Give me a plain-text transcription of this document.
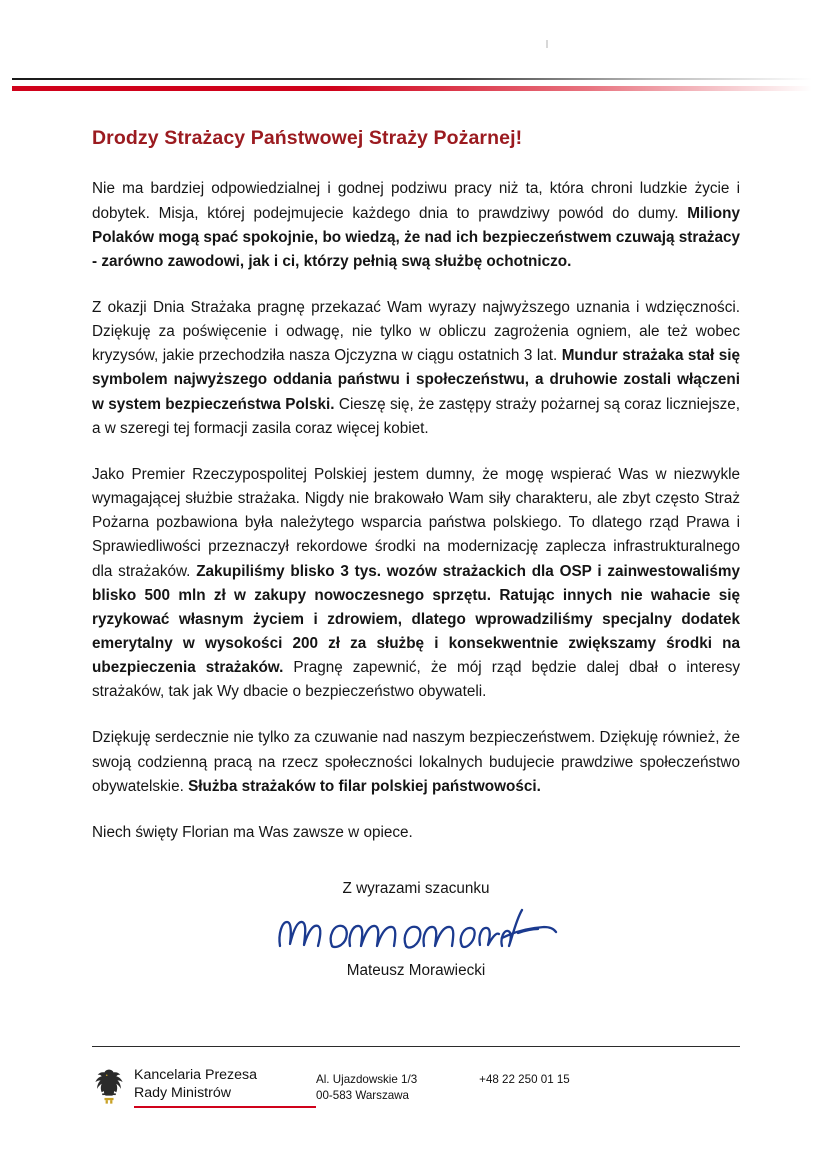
Drodzy Strażacy Państwowej Straży Pożarnej!

Nie ma bardziej odpowiedzialnej i godnej podziwu pracy niż ta, która chroni ludzkie życie i dobytek. Misja, której podejmujecie każdego dnia to prawdziwy powód do dumy. Miliony Polaków mogą spać spokojnie, bo wiedzą, że nad ich bezpieczeństwem czuwają strażacy - zarówno zawodowi, jak i ci, którzy pełnią swą służbę ochotniczo.

Z okazji Dnia Strażaka pragnę przekazać Wam wyrazy najwyższego uznania i wdzięczności. Dziękuję za poświęcenie i odwagę, nie tylko w obliczu zagrożenia ogniem, ale też wobec kryzysów, jakie przechodziła nasza Ojczyzna w ciągu ostatnich 3 lat. Mundur strażaka stał się symbolem najwyższego oddania państwu i społeczeństwu, a druhowie zostali włączeni w system bezpieczeństwa Polski. Cieszę się, że zastępy straży pożarnej są coraz liczniejsze, a w szeregi tej formacji zasila coraz więcej kobiet.

Jako Premier Rzeczypospolitej Polskiej jestem dumny, że mogę wspierać Was w niezwykle wymagającej służbie strażaka. Nigdy nie brakowało Wam siły charakteru, ale zbyt często Straż Pożarna pozbawiona była należytego wsparcia państwa polskiego. To dlatego rząd Prawa i Sprawiedliwości przeznaczył rekordowe środki na modernizację zaplecza infrastrukturalnego dla strażaków. Zakupiliśmy blisko 3 tys. wozów strażackich dla OSP i zainwestowaliśmy blisko 500 mln zł w zakupy nowoczesnego sprzętu. Ratując innych nie wahacie się ryzykować własnym życiem i zdrowiem, dlatego wprowadziliśmy specjalny dodatek emerytalny w wysokości 200 zł za służbę i konsekwentnie zwiększamy środki na ubezpieczenia strażaków. Pragnę zapewnić, że mój rząd będzie dalej dbał o interesy strażaków, tak jak Wy dbacie o bezpieczeństwo obywateli.

Dziękuję serdecznie nie tylko za czuwanie nad naszym bezpieczeństwem. Dziękuję również, że swoją codzienną pracą na rzecz społeczności lokalnych budujecie prawdziwe społeczeństwo obywatelskie. Służba strażaków to filar polskiej państwowości.

Niech święty Florian ma Was zawsze w opiece.

Z wyrazami szacunku
Mateusz Morawiecki
Kancelaria Prezesa
Rady Ministrów
Al. Ujazdowskie 1/3
00-583 Warszawa
+48 22 250 01 15
